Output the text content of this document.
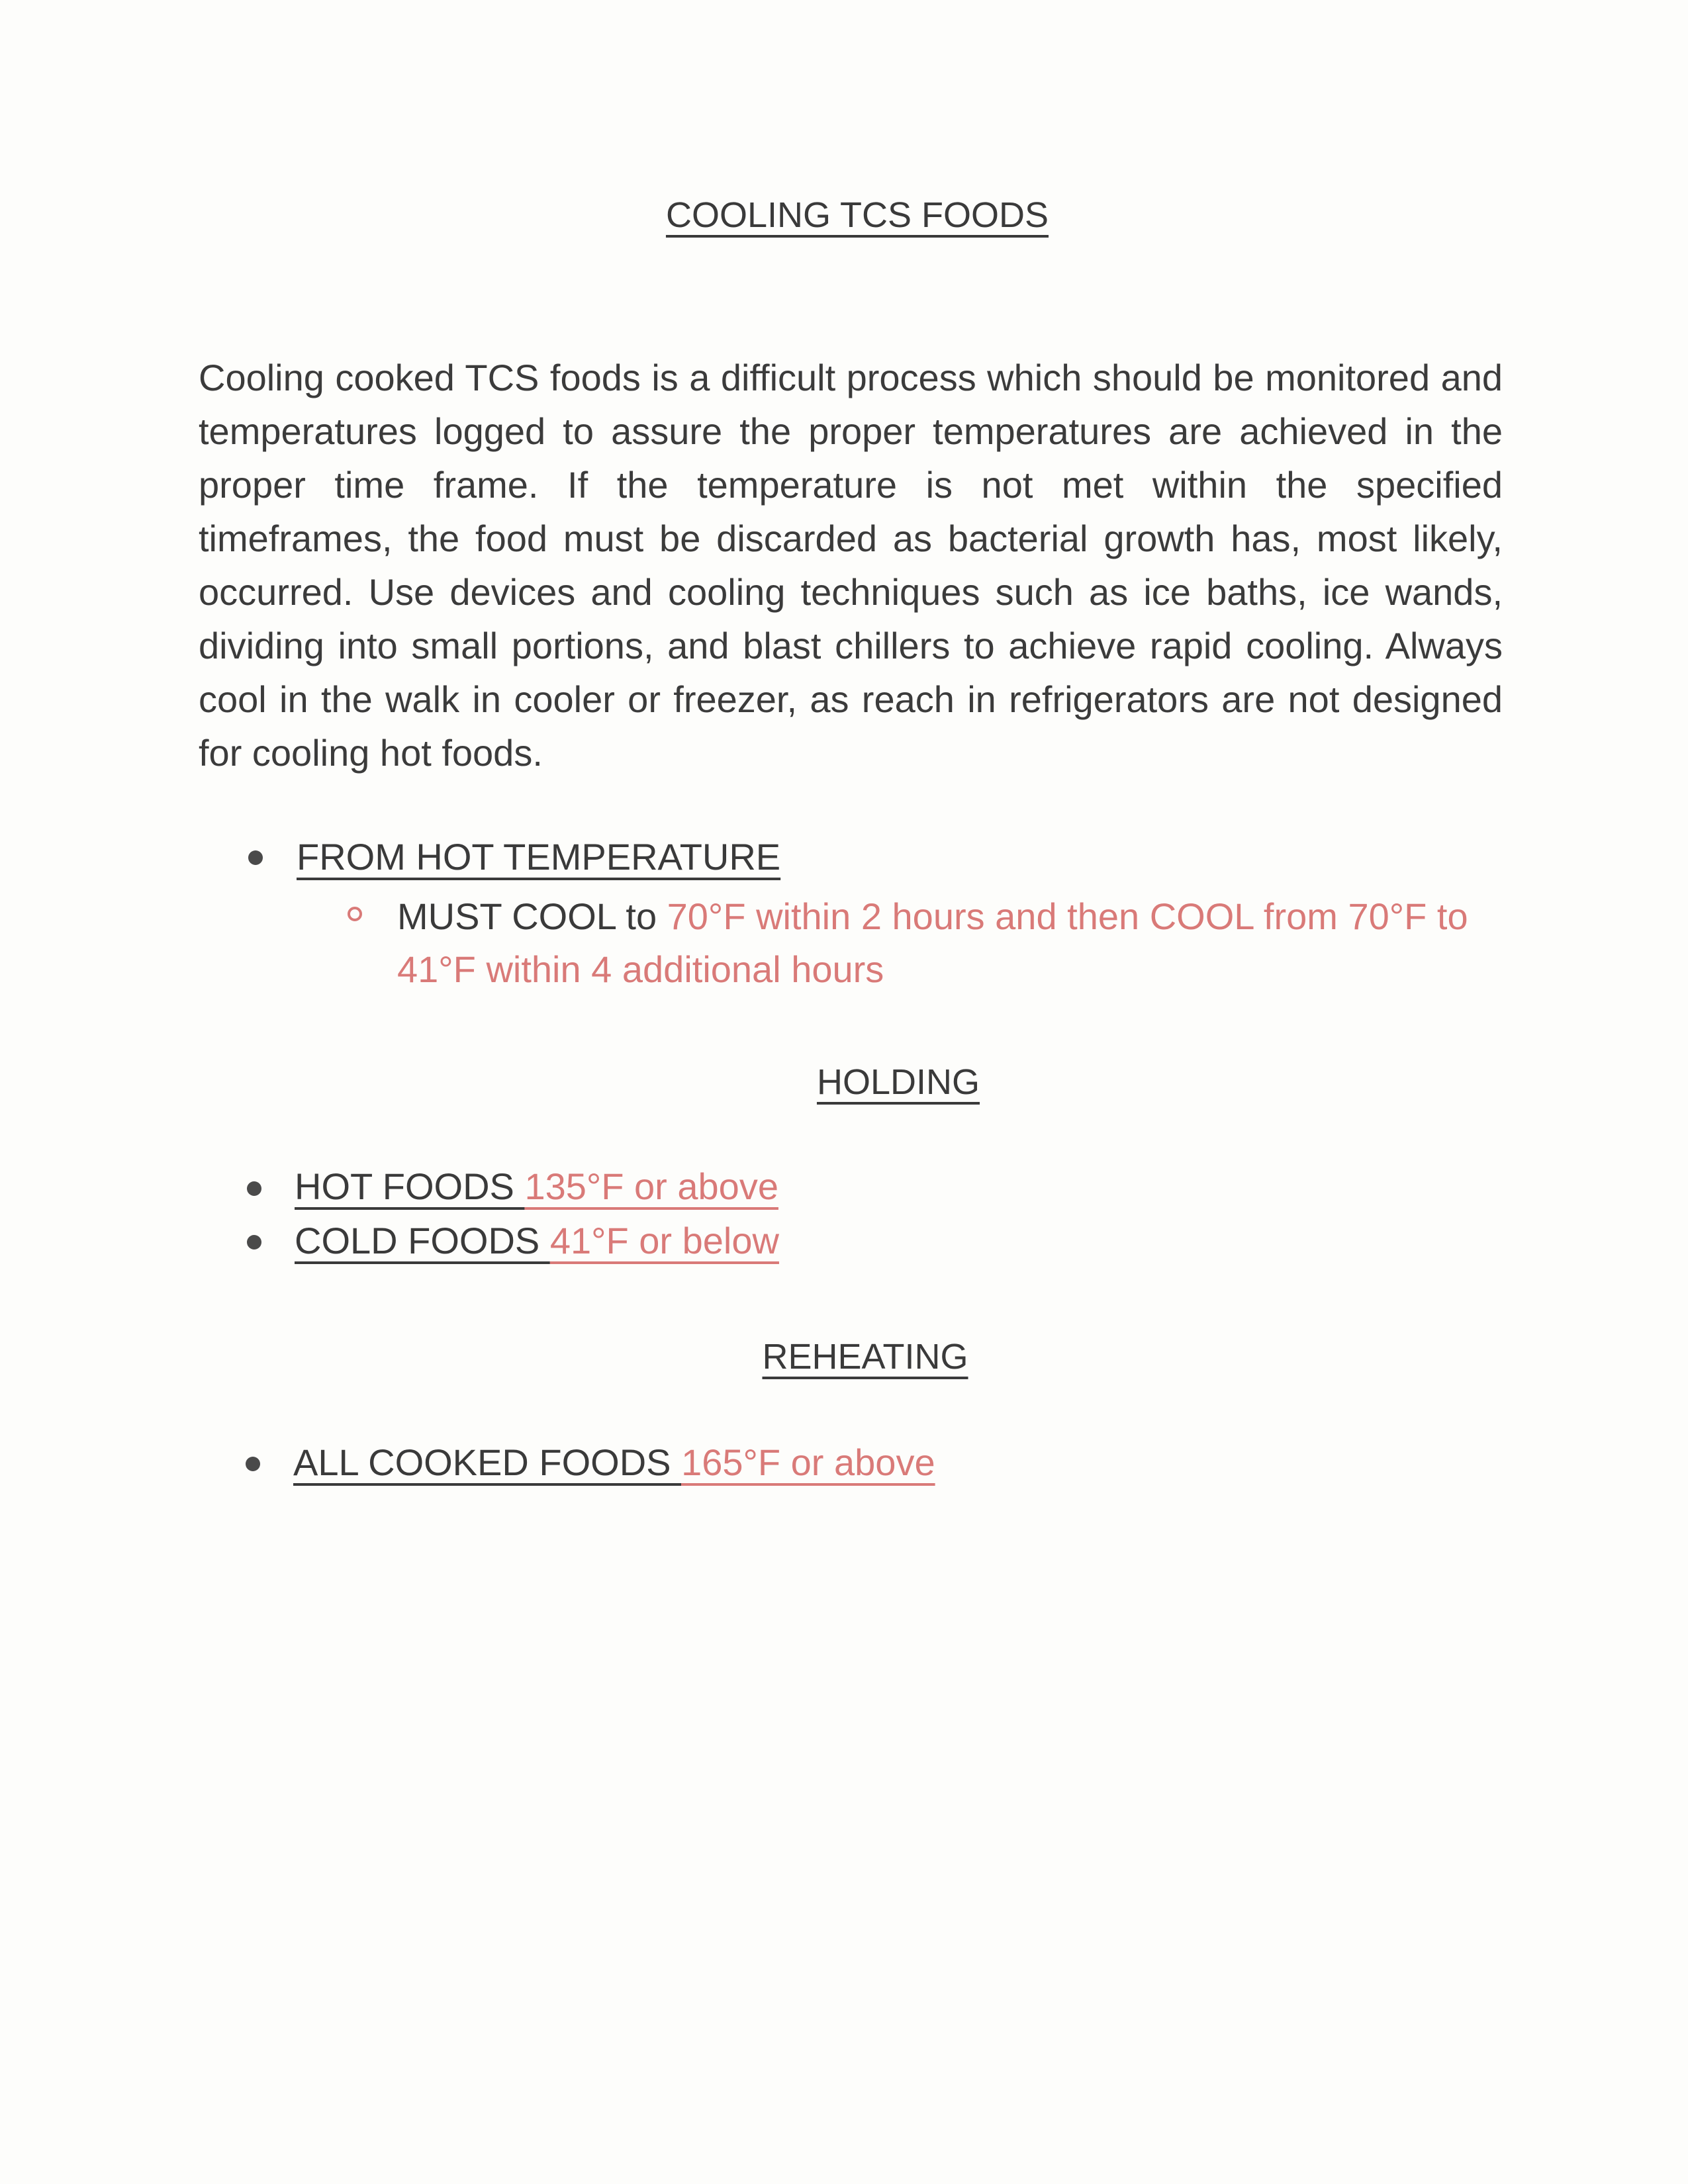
COOLING TCS FOODS

Cooling cooked TCS foods is a difficult process which should be monitored and temperatures logged to assure the proper temperatures are achieved in the proper time frame. If the temperature is not met within the specified timeframes, the food must be discarded as bacterial growth has, most likely, occurred. Use devices and cooling techniques such as ice baths, ice wands, dividing into small portions, and blast chillers to achieve rapid cooling. Always cool in the walk in cooler or freezer, as reach in refrigerators are not designed for cooling hot foods.

FROM HOT TEMPERATURE

MUST COOL to 70°F within 2 hours and then COOL from 70°F to 41°F within 4 additional hours

HOLDING
HOT FOODS 135°F or above
COLD FOODS 41°F or below
REHEATING
ALL COOKED FOODS 165°F or above
